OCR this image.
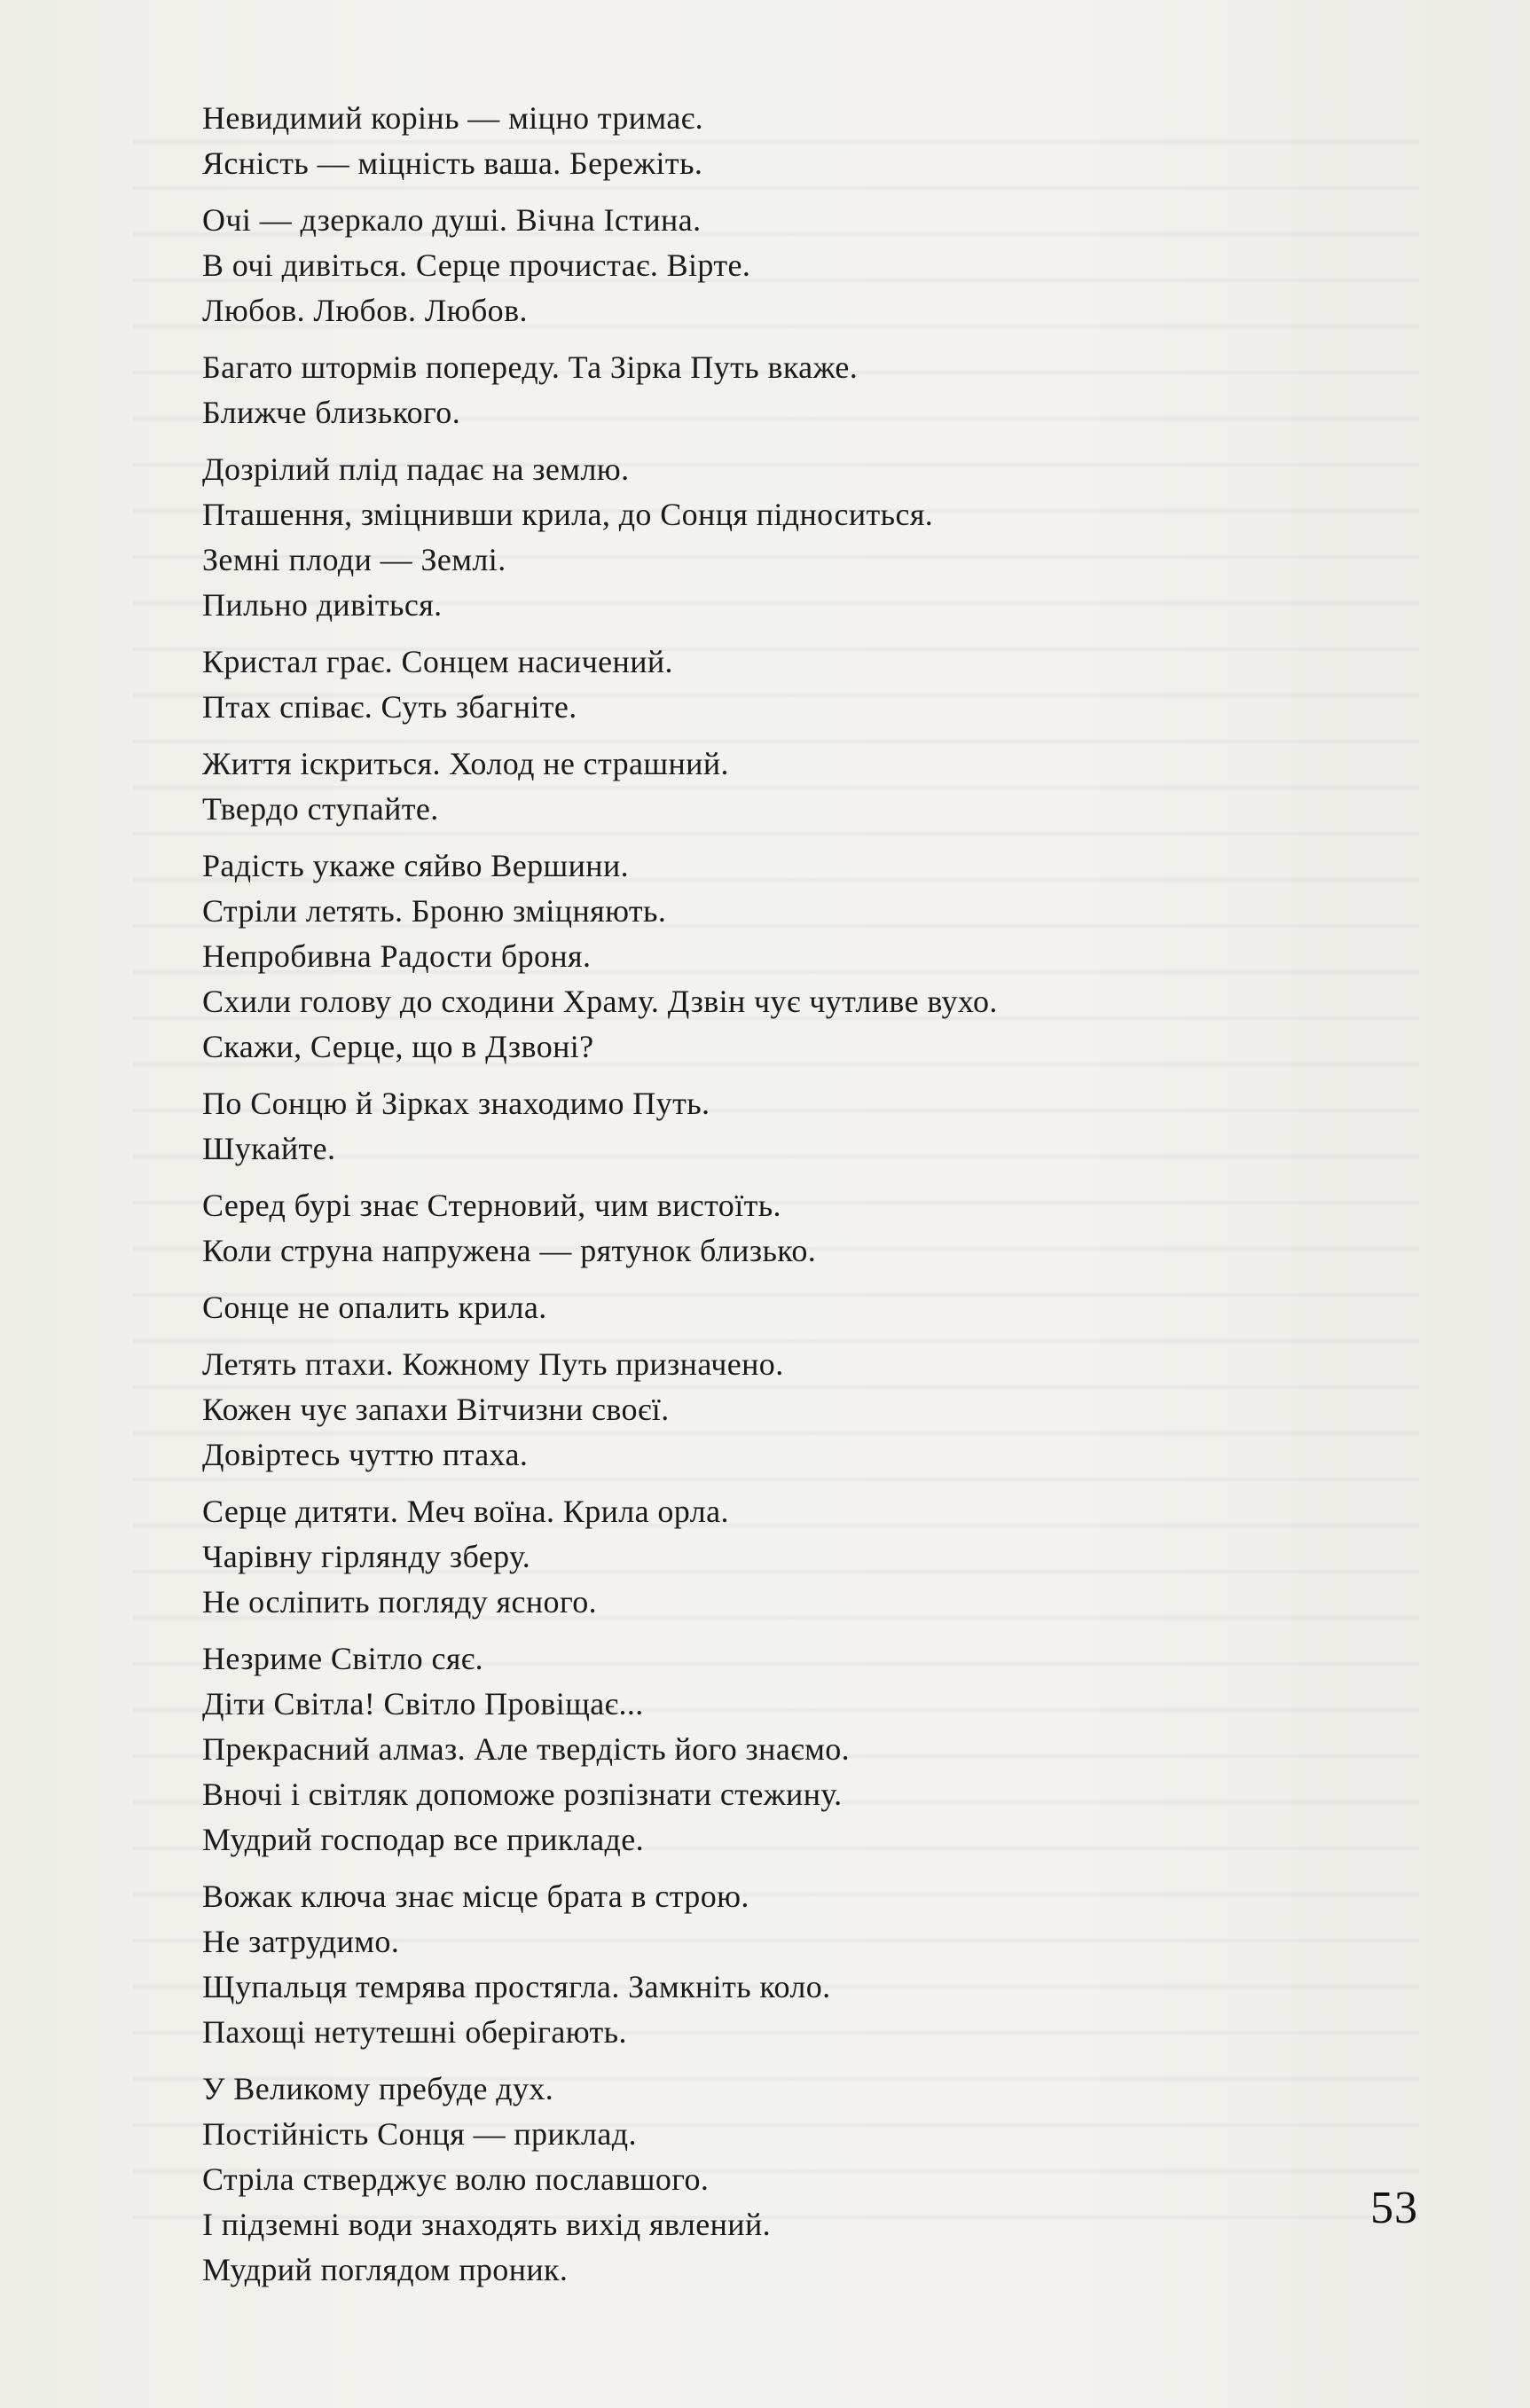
Невидимий корінь — міцно тримає.
Ясність — міцність ваша. Бережіть.
Очі — дзеркало душі. Вічна Істина.
В очі дивіться. Серце прочистає. Вірте.
Любов. Любов. Любов.
Багато штормів попереду. Та Зірка Путь вкаже.
Ближче близького.
Дозрілий плід падає на землю.
Пташення, зміцнивши крила, до Сонця підноситься.
Земні плоди — Землі.
Пильно дивіться.
Кристал грає. Сонцем насичений.
Птах співає. Суть збагніте.
Життя іскриться. Холод не страшний.
Твердо ступайте.
Радість укаже сяйво Вершини.
Стріли летять. Броню зміцняють.
Непробивна Радости броня.
Схили голову до сходини Храму. Дзвін чує чутливе вухо.
Скажи, Серце, що в Дзвоні?
По Сонцю й Зірках знаходимо Путь.
Шукайте.
Серед бурі знає Стерновий, чим вистоїть.
Коли струна напружена — рятунок близько.
Сонце не опалить крила.
Летять птахи. Кожному Путь призначено.
Кожен чує запахи Вітчизни своєї.
Довіртесь чуттю птаха.
Серце дитяти. Меч воїна. Крила орла.
Чарівну гірлянду зберу.
Не осліпить погляду ясного.
Незриме Світло сяє.
Діти Світла! Світло Провіщає...
Прекрасний алмаз. Але твердість його знаємо.
Вночі і світляк допоможе розпізнати стежину.
Мудрий господар все прикладе.
Вожак ключа знає місце брата в строю.
Не затрудимо.
Щупальця темрява простягла. Замкніть коло.
Пахощі нетутешні оберігають.
У Великому пребуде дух.
Постійність Сонця — приклад.
Стріла стверджує волю пославшого.
І підземні води знаходять вихід явлений.
Мудрий поглядом проник.
53
